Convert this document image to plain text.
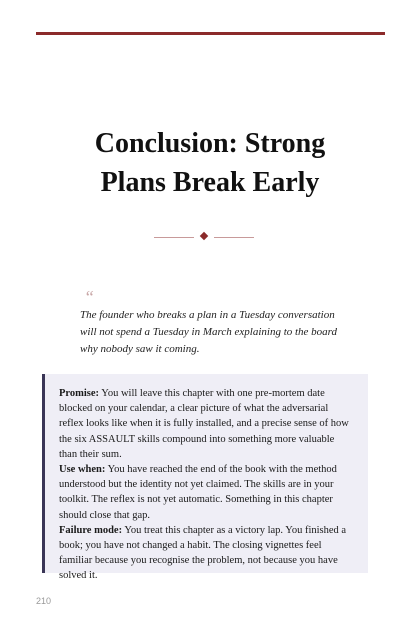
Conclusion: Strong
Plans Break Early
“
The founder who breaks a plan in a Tuesday conversation will not spend a Tuesday in March explaining to the board why nobody saw it coming.

Promise: You will leave this chapter with one pre-mortem date blocked on your calendar, a clear picture of what the adversarial reflex looks like when it is fully installed, and a precise sense of how the six ASSAULT skills compound into something more valuable than their sum.

Use when: You have reached the end of the book with the method understood but the identity not yet claimed. The skills are in your toolkit. The reflex is not yet automatic. Something in this chapter should close that gap.

Failure mode: You treat this chapter as a victory lap. You finished a book; you have not changed a habit. The closing vignettes feel familiar because you recognise the problem, not because you have solved it.

210
